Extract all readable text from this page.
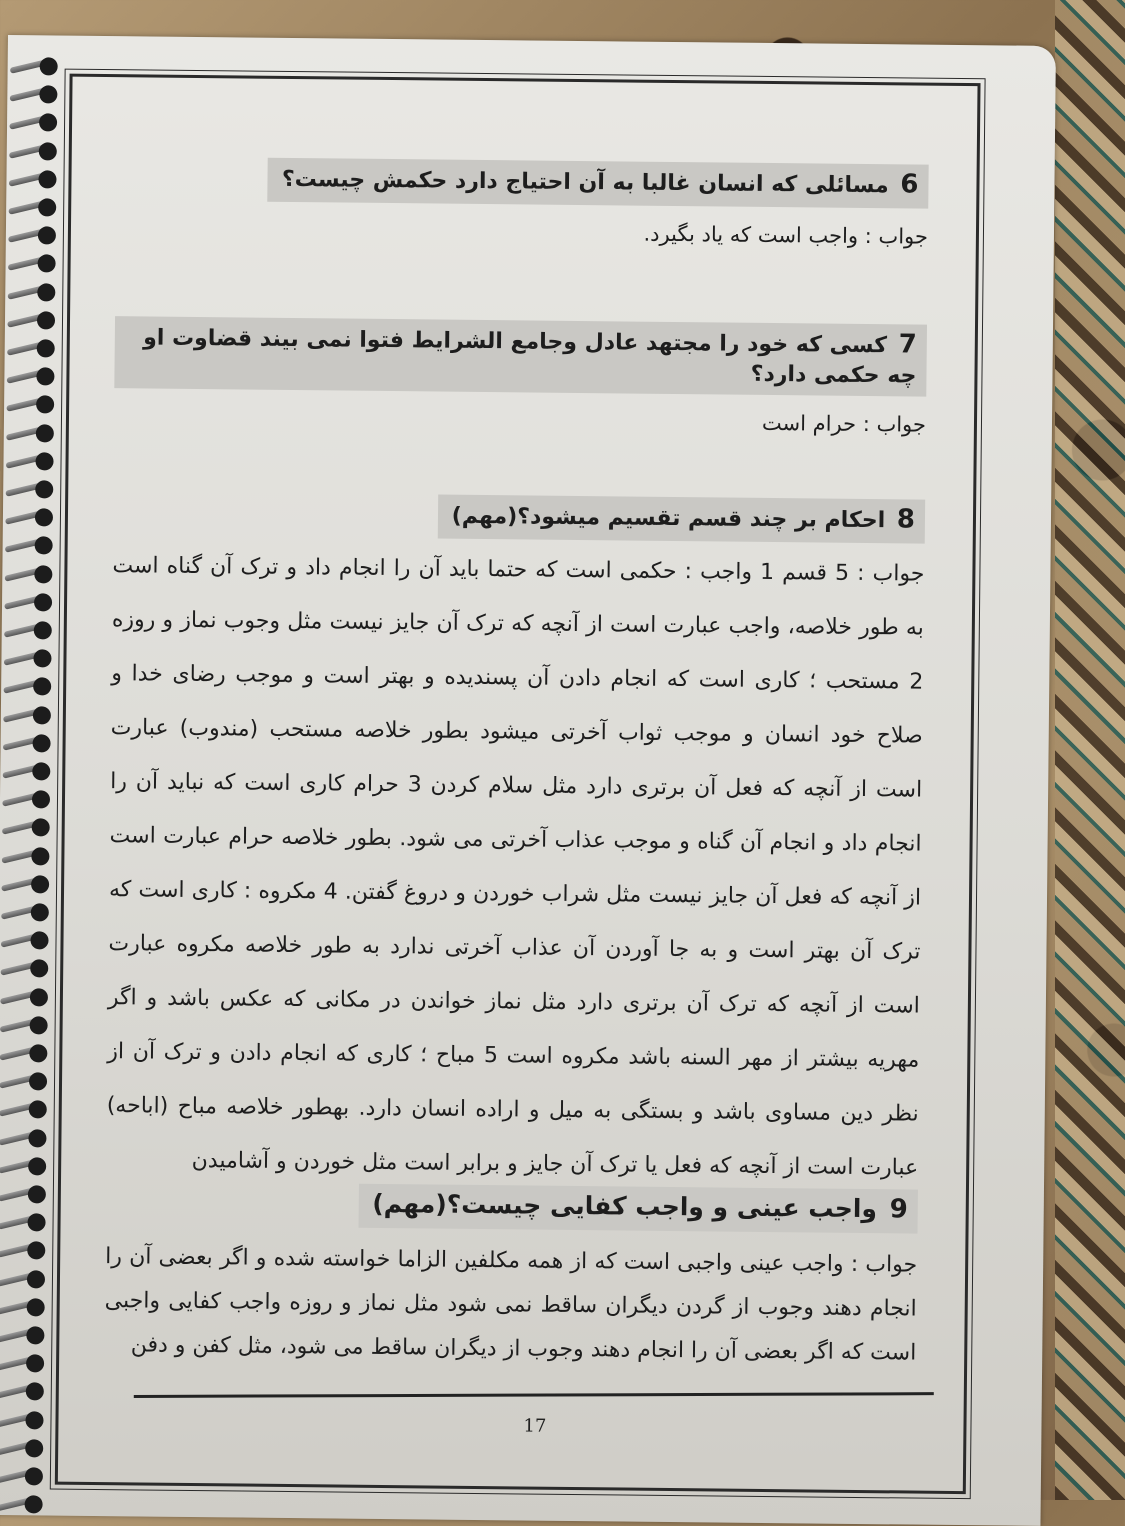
6 مسائلی که انسان غالبا به آن احتیاج دارد حکمش چیست؟
جواب : واجب است که یاد بگیرد.
7 کسی که خود را مجتهد عادل وجامع الشرایط فتوا نمی بیند قضاوت او چه حکمی دارد؟
جواب : حرام است
8 احکام بر چند قسم تقسیم میشود؟(مهم)
جواب : 5 قسم 1 واجب : حکمی است که حتما باید آن را انجام داد و ترک آن گناه است به طور خلاصه، واجب عبارت است از آنچه که ترک آن جایز نیست مثل وجوب نماز و روزه 2 مستحب ؛ کاری است که انجام دادن آن پسندیده و بهتر است و موجب رضای خدا و صلاح خود انسان و موجب ثواب آخرتی میشود بطور خلاصه مستحب (مندوب) عبارت است از آنچه که فعل آن برتری دارد مثل سلام کردن 3 حرام کاری است که نباید آن را انجام داد و انجام آن گناه و موجب عذاب آخرتی می شود. بطور خلاصه حرام عبارت است از آنچه که فعل آن جایز نیست مثل شراب خوردن و دروغ گفتن. 4 مکروه : کاری است که ترک آن بهتر است و به جا آوردن آن عذاب آخرتی ندارد به طور خلاصه مکروه عبارت است از آنچه که ترک آن برتری دارد مثل نماز خواندن در مکانی که عکس باشد و اگر مهریه بیشتر از مهر السنه باشد مکروه است 5 مباح ؛ کاری که انجام دادن و ترک آن از نظر دین مساوی باشد و بستگی به میل و اراده انسان دارد. بهطور خلاصه مباح (اباحه) عبارت است از آنچه که فعل یا ترک آن جایز و برابر است مثل خوردن و آشامیدن
9 واجب عینی و واجب کفایی چیست؟(مهم)
جواب : واجب عینی واجبی است که از همه مکلفین الزاما خواسته شده و اگر بعضی آن را انجام دهند وجوب از گردن دیگران ساقط نمی شود مثل نماز و روزه واجب کفایی واجبی است که اگر بعضی آن را انجام دهند وجوب از دیگران ساقط می شود، مثل کفن و دفن
17
